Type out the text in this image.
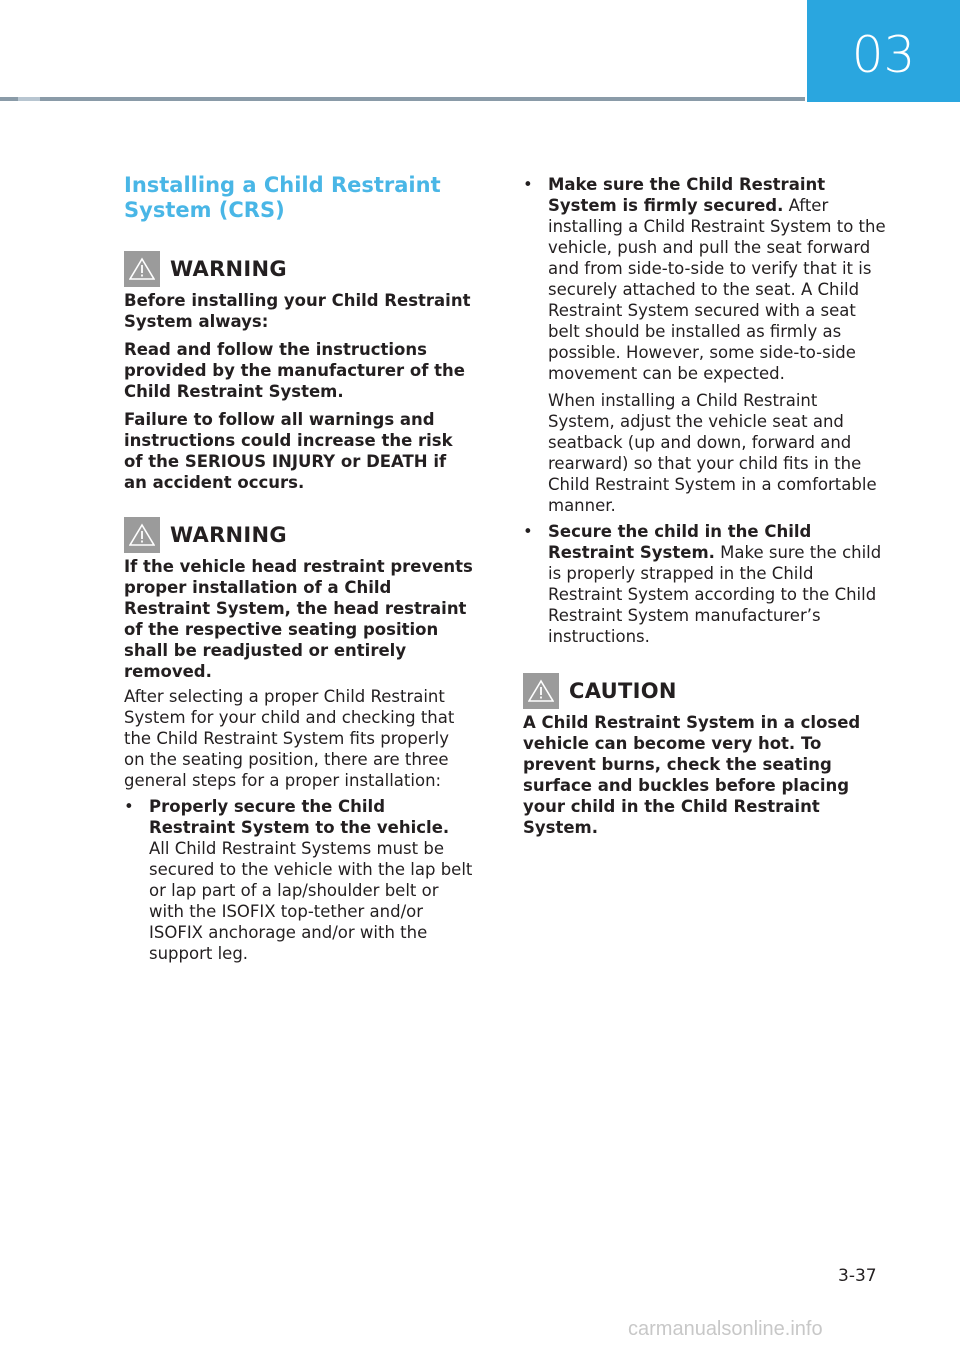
03
Installing a Child Restraint System (CRS)
WARNING

Before installing your Child Restraint System always:

Read and follow the instructions provided by the manufacturer of the Child Restraint System.

Failure to follow all warnings and instructions could increase the risk of the SERIOUS INJURY or DEATH if an accident occurs.

WARNING

If the vehicle head restraint prevents proper installation of a Child Restraint System, the head restraint of the respective seating position shall be readjusted or entirely removed.

After selecting a proper Child Restraint System for your child and checking that the Child Restraint System fits properly on the seating position, there are three general steps for a proper installation:

• Properly secure the Child Restraint System to the vehicle. All Child Restraint Systems must be secured to the vehicle with the lap belt or lap part of a lap/shoulder belt or with the ISOFIX top-tether and/or ISOFIX anchorage and/or with the support leg.
• Make sure the Child Restraint System is firmly secured. After installing a Child Restraint System to the vehicle, push and pull the seat forward and from side-to-side to verify that it is securely attached to the seat. A Child Restraint System secured with a seat belt should be installed as firmly as possible. However, some side-to-side movement can be expected.
When installing a Child Restraint System, adjust the vehicle seat and seatback (up and down, forward and rearward) so that your child fits in the Child Restraint System in a comfortable manner.
• Secure the child in the Child Restraint System. Make sure the child is properly strapped in the Child Restraint System according to the Child Restraint System manufacturer’s instructions.
CAUTION

A Child Restraint System in a closed vehicle can become very hot. To prevent burns, check the seating surface and buckles before placing your child in the Child Restraint System.

3-37
carmanualsonline.info
